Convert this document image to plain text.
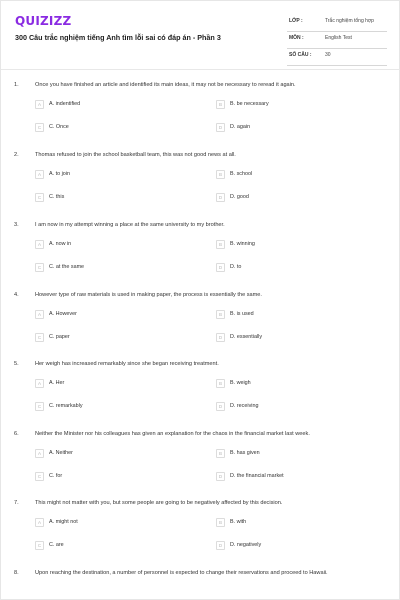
QUIZIZZ
300 Câu trắc nghiệm tiếng Anh tìm lỗi sai có đáp án - Phần 3
LỚP :	Trắc nghiệm tổng hợp
MÔN :	English Test
SỐ CÂU :	30
1.	Once you have finished an article and identified its main ideas, it may not be necessary to reread it again.
A	A. indentified	B	B. be necessary
C	C. Once	D	D. again
2.	Thomas refused to join the school basketball team, this was not good news at all.
A	A. to join	B	B. school
C	C. this	D	D. good
3.	I am now in my attempt winning a place at the same university to my brother.
A	A. now in	B	B. winning
C	C. at the same	D	D. to
4.	However type of raw materials is used in making paper, the process is essentially the same.
A	A. However	B	B. is used
C	C. paper	D	D. essentially
5.	Her weigh has increased remarkably since she began receiving treatment.
A	A. Her	B	B. weigh
C	C. remarkably	D	D. receiving
6.	Neither the Minister nor his colleagues has given an explanation for the chaos in the financial market last week.
A	A. Neither	B	B. has given
C	C. for	D	D. the financial market
7.	This might not matter with you, but some people are going to be negatively affected by this decision.
A	A. might not	B	B. with
C	C. are	D	D. negatively
8.	Upon reaching the destination, a number of personnel is expected to change their reservations and proceed to Hawaii.
